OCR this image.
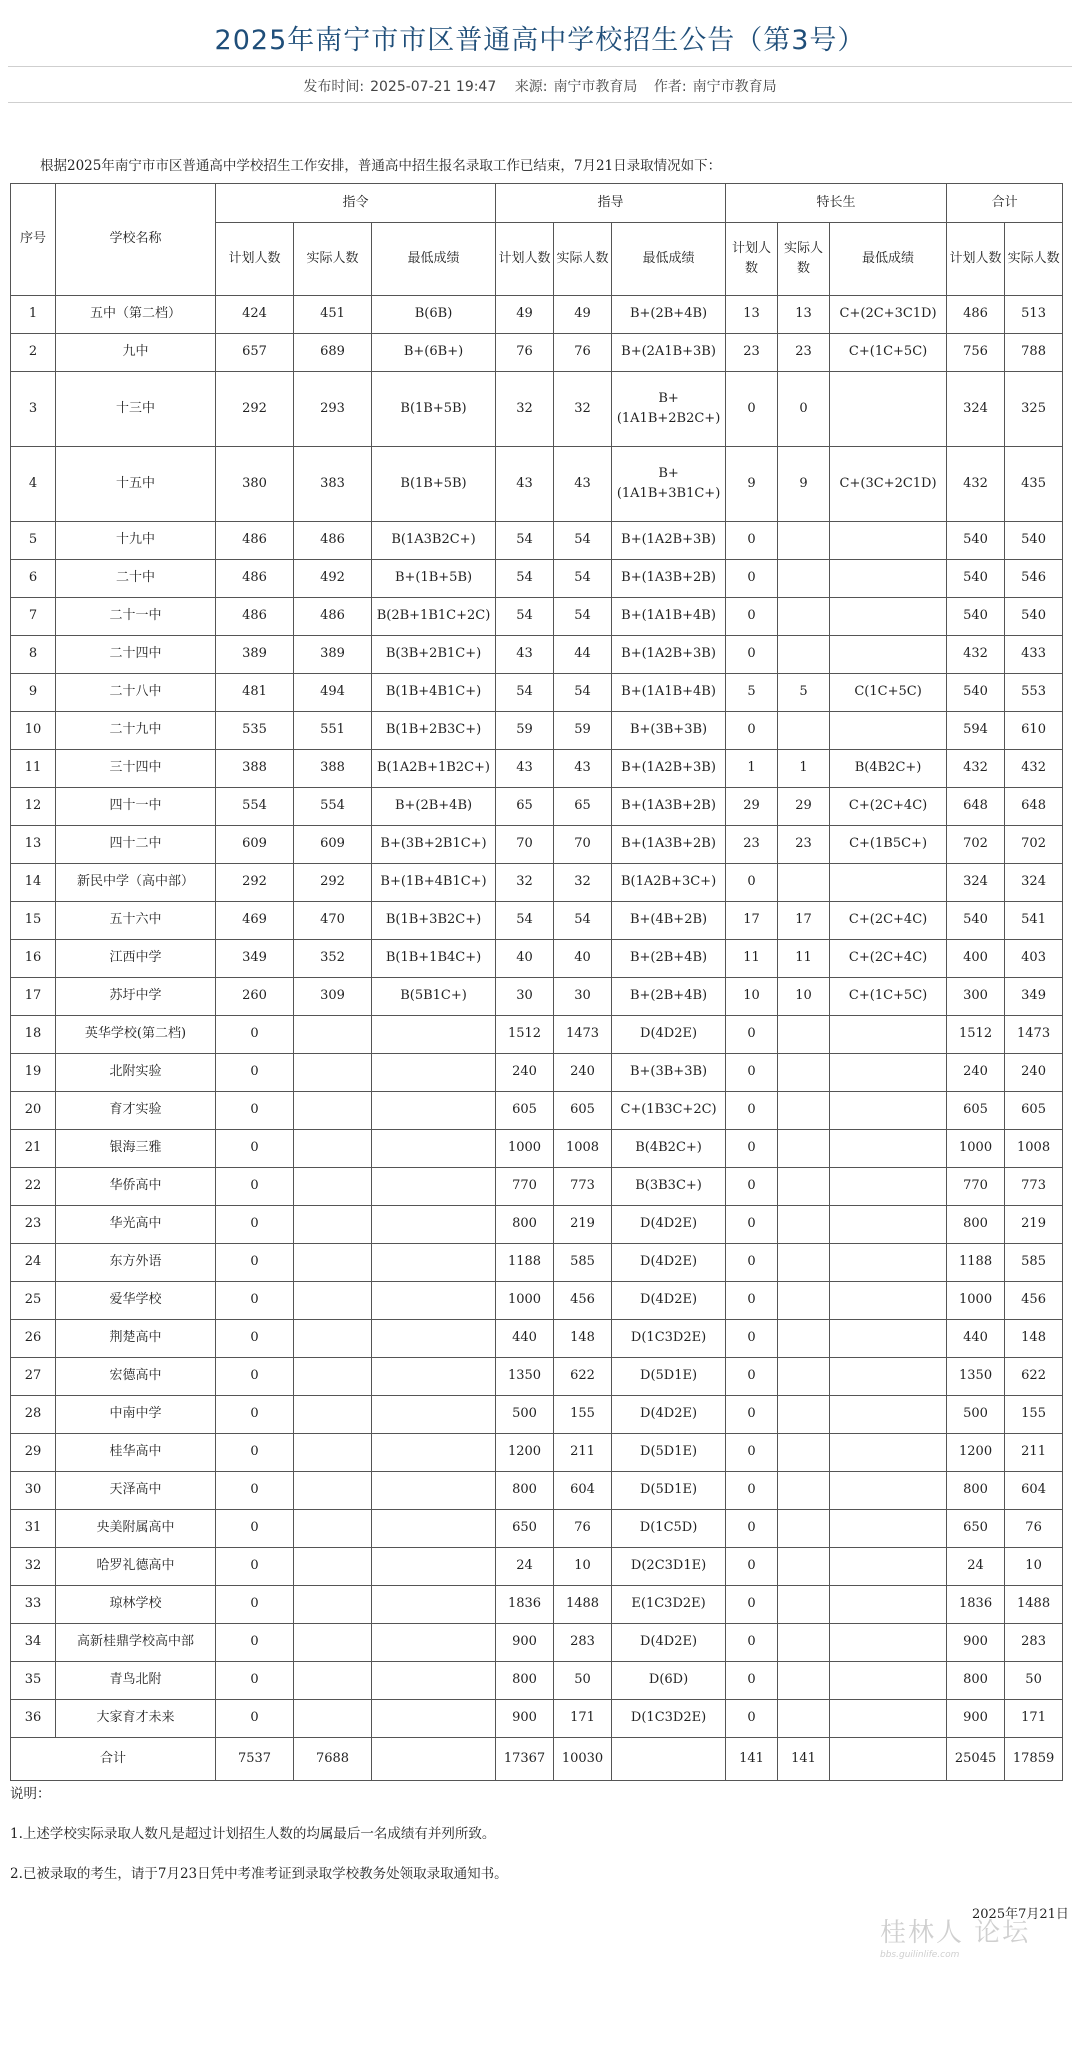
2025年南宁市市区普通高中学校招生公告（第3号）
发布时间: 2025-07-21 19:47 来源: 南宁市教育局 作者: 南宁市教育局
根据2025年南宁市市区普通高中学校招生工作安排，普通高中招生报名录取工作已结束，7月21日录取情况如下：
序号	学校名称	指令			指导			特长生			合计	
		计划人数	实际人数	最低成绩	计划人数	实际人数	最低成绩	计划人数	实际人数	最低成绩	计划人数	实际人数
1	五中（第二档）	424	451	B(6B)	49	49	B+(2B+4B)	13	13	C+(2C+3C1D)	486	513
2	九中	657	689	B+(6B+)	76	76	B+(2A1B+3B)	23	23	C+(1C+5C)	756	788
3	十三中	292	293	B(1B+5B)	32	32	B+(1A1B+2B2C+)	0	0		324	325
4	十五中	380	383	B(1B+5B)	43	43	B+(1A1B+3B1C+)	9	9	C+(3C+2C1D)	432	435
5	十九中	486	486	B(1A3B2C+)	54	54	B+(1A2B+3B)	0			540	540
6	二十中	486	492	B+(1B+5B)	54	54	B+(1A3B+2B)	0			540	546
7	二十一中	486	486	B(2B+1B1C+2C)	54	54	B+(1A1B+4B)	0			540	540
8	二十四中	389	389	B(3B+2B1C+)	43	44	B+(1A2B+3B)	0			432	433
9	二十八中	481	494	B(1B+4B1C+)	54	54	B+(1A1B+4B)	5	5	C(1C+5C)	540	553
10	二十九中	535	551	B(1B+2B3C+)	59	59	B+(3B+3B)	0			594	610
11	三十四中	388	388	B(1A2B+1B2C+)	43	43	B+(1A2B+3B)	1	1	B(4B2C+)	432	432
12	四十一中	554	554	B+(2B+4B)	65	65	B+(1A3B+2B)	29	29	C+(2C+4C)	648	648
13	四十二中	609	609	B+(3B+2B1C+)	70	70	B+(1A3B+2B)	23	23	C+(1B5C+)	702	702
14	新民中学（高中部）	292	292	B+(1B+4B1C+)	32	32	B(1A2B+3C+)	0			324	324
15	五十六中	469	470	B(1B+3B2C+)	54	54	B+(4B+2B)	17	17	C+(2C+4C)	540	541
16	江西中学	349	352	B(1B+1B4C+)	40	40	B+(2B+4B)	11	11	C+(2C+4C)	400	403
17	苏圩中学	260	309	B(5B1C+)	30	30	B+(2B+4B)	10	10	C+(1C+5C)	300	349
18	英华学校(第二档)	0			1512	1473	D(4D2E)	0			1512	1473
19	北附实验	0			240	240	B+(3B+3B)	0			240	240
20	育才实验	0			605	605	C+(1B3C+2C)	0			605	605
21	银海三雅	0			1000	1008	B(4B2C+)	0			1000	1008
22	华侨高中	0			770	773	B(3B3C+)	0			770	773
23	华光高中	0			800	219	D(4D2E)	0			800	219
24	东方外语	0			1188	585	D(4D2E)	0			1188	585
25	爱华学校	0			1000	456	D(4D2E)	0			1000	456
26	荆楚高中	0			440	148	D(1C3D2E)	0			440	148
27	宏德高中	0			1350	622	D(5D1E)	0			1350	622
28	中南中学	0			500	155	D(4D2E)	0			500	155
29	桂华高中	0			1200	211	D(5D1E)	0			1200	211
30	天泽高中	0			800	604	D(5D1E)	0			800	604
31	央美附属高中	0			650	76	D(1C5D)	0			650	76
32	哈罗礼德高中	0			24	10	D(2C3D1E)	0			24	10
33	琼林学校	0			1836	1488	E(1C3D2E)	0			1836	1488
34	高新桂鼎学校高中部	0			900	283	D(4D2E)	0			900	283
35	青鸟北附	0			800	50	D(6D)	0			800	50
36	大家育才未来	0			900	171	D(1C3D2E)	0			900	171
合计		7537	7688		17367	10030		141	141		25045	17859

说明：

1.上述学校实际录取人数凡是超过计划招生人数的均属最后一名成绩有并列所致。

2.已被录取的考生，请于7月23日凭中考准考证到录取学校教务处领取录取通知书。

2025年7月21日
桂林人 论坛
bbs.guilinlife.com
